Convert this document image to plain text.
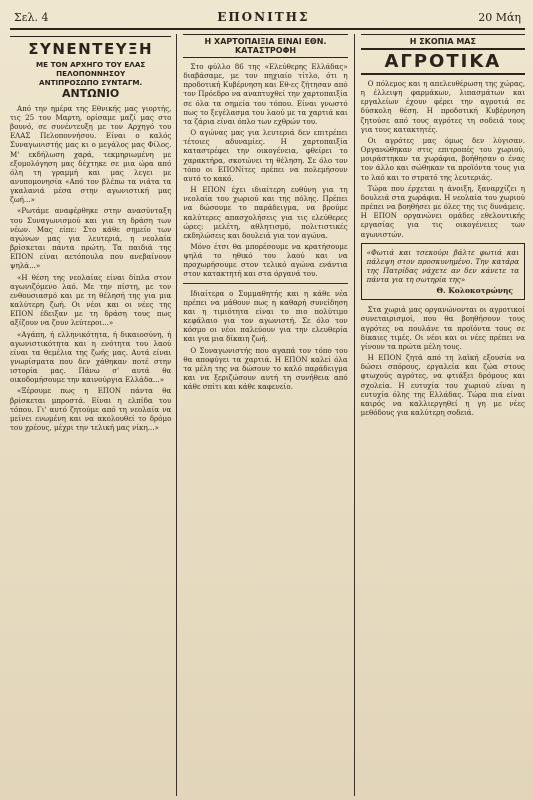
Σελ. 4	ΕΠΟΝΙΤΗΣ	20 Μάη
ΣΥΝΕΝΤΕΥΞΗ
ΜΕ ΤΟΝ ΑΡΧΗΓΟ ΤΟΥ ΕΛΑΣ ΠΕΛΟΠΟΝΝΗΣΟΥ
ΑΝΤΙΠΡΟΣΩΠΟ ΣΥΝΤΑΓΜ. ΑΝΤΩΝΙΟ

Από την ημέρα της Εθνικής μας γιορτής, τις 25 του Μαρτη, ορίσαμε μαζί μας στο βουνό, σε συνέντευξη με τον Αρχηγό του ΕΛΑΣ Πελοποννήσου. Είναι ο καλός Συναγωνιστής μας κι ο μεγάλος μας Φίλος. Μ' εκδήλωση χαρά, τεκμηριωμένη με εξομολόγηση μας δέχτηκε σε μια ώρα από όλη τη γραμμή και μας λεγει με ανυπομονησία «Από τον βλέπω τα νιάτα τα γκαλανιά μέσα στην αγωνιστική μας ζωή...»

«Ρωτάμε αναφέρθηκε στην ανασύνταξη του Συναγωνισμού και για τη δράση των νέων. Μας είπε: Στο κάθε σημείο των αγώνων μας για λευτεριά, η νεολαία βρίσκεται πάντα πρώτη. Τα παιδιά της ΕΠΟΝ είναι αετόπουλα που ανεβαίνουν ψηλά...»

«Η θέση της νεολαίας είναι δίπλα στον αγωνιζόμενο λαό. Με την πίστη, με τον ενθουσιασμό και με τη θέλησή της για μια καλύτερη ζωή. Οι νέοι και οι νέες της ΕΠΟΝ έδειξαν με τη δράση τους πως αξίζουν να ζουν λεύτεροι...»

«Αγάπη, ή ελληνικότητα, ή δικαιοσύνη, ή αγωνιστικότητα και η ενότητα του λαού είναι τα θεμέλια της ζωής μας. Αυτά είναι γνωρίσματα που δεν χάθηκαν ποτέ στην ιστορία μας. Πάνω σ' αυτά θα οικοδομήσουμε την καινούργια Ελλάδα...»

«Ξέρουμε πως η ΕΠΟΝ πάντα θα βρίσκεται μπροστά. Είναι η ελπίδα του τόπου. Γι' αυτό ζητούμε από τη νεολαία να μείνει ενωμένη και να ακολουθεί το δρόμο του χρέους, μέχρι την τελική μας νίκη...»

Η ΧΑΡΤΟΠΑΙΞΙΑ ΕΙΝΑΙ ΕΘΝ. ΚΑΤΑΣΤΡΟΦΗ

Στο φύλλο 86 της «Ελεύθερης Ελλάδας» διαβάσαμε, με τον πηχιαίο τίτλο, ότι η προδοτική Κυβέρνηση και Εθ-ες ζήτησαν από τον Πρόεδρο να αναπτυχθεί την χαρτοπαιξία σε όλα τα σημεία του τόπου. Είναι γνωστό πως το ξεγέλασμα του λαού με τα χαρτιά και τα ζάρια είναι όπλο των εχθρών του.

Ο αγώνας μας για λευτεριά δεν επιτρέπει τέτοιες αδυναμίες. Η χαρτοπαιξία καταστρέφει την οικογένεια, φθείρει το χαρακτήρα, σκοτώνει τη θέληση. Σε όλο τον τόπο οι ΕΠΟΝίτες πρέπει να πολεμήσουν αυτό το κακό.

Η ΕΠΟΝ έχει ιδιαίτερη ευθύνη για τη νεολαία του χωριού και της πόλης. Πρέπει να δώσουμε το παράδειγμα, να βρούμε καλύτερες απασχολήσεις για τις ελεύθερες ώρες: μελέτη, αθλητισμό, πολιτιστικές εκδηλώσεις και δουλειά για τον αγώνα.

Μόνο έτσι θα μπορέσουμε να κρατήσουμε ψηλά το ηθικό του λαού και να προχωρήσουμε στον τελικό αγώνα ενάντια στον κατακτητή και στα όργανά του.

Ιδιαίτερα ο Συμμαθητής και η κάθε νέα πρέπει να μάθουν πως η καθαρή συνείδηση και η τιμιότητα είναι το πιο πολύτιμο κεφάλαιο για τον αγωνιστή. Σε όλο τον κόσμο οι νέοι παλεύουν για την ελευθερία και για μια δίκαιη ζωή.

Ο Συναγωνιστής που αγαπά τον τόπο του θα αποφύγει τα χαρτιά. Η ΕΠΟΝ καλεί όλα τα μέλη της να δώσουν το καλό παράδειγμα και να ξεριζώσουν αυτή τη συνήθεια από κάθε σπίτι και κάθε καφενείο.

Η ΣΚΟΠΙΑ ΜΑΣ
ΑΓΡΟΤΙΚΑ

Ο πόλεμος και η απελευθέρωση της χώρας, η έλλειψη φαρμάκων, λιπασμάτων και εργαλείων έχουν φέρει την αγροτιά σε δύσκολη θέση. Η προδοτική Κυβέρνηση ζητούσε από τους αγρότες τη σοδειά τους για τους κατακτητές.

Οι αγρότες μας όμως δεν λύγισαν. Οργανώθηκαν στις επιτροπές του χωριού, μοιράστηκαν τα χωράφια, βοήθησαν ο ένας τον άλλο και σώθηκαν τα προϊόντα τους για το λαό και το στρατό της λευτεριάς.

Τώρα που έρχεται η άνοιξη, ξαναρχίζει η δουλειά στα χωράφια. Η νεολαία του χωριού πρέπει να βοηθήσει με όλες της τις δυνάμεις. Η ΕΠΟΝ οργανώνει ομάδες εθελοντικής εργασίας για τις οικογένειες των αγωνιστών.

«Φωτιά και τσεκούρι βάλτε φωτιά και πάλεψη στον προσκυνημένο. Την κατάρα της Πατρίδας νάχετε αν δεν κάνετε τα πάντα για τη σωτηρία της»

Θ. Κολοκοτρώνης

Στα χωριά μας οργανώνονται οι αγροτικοί συνεταιρισμοί, που θα βοηθήσουν τους αγρότες να πουλάνε τα προϊόντα τους σε δίκαιες τιμές. Οι νέοι και οι νέες πρέπει να γίνουν τα πρώτα μέλη τους.

Η ΕΠΟΝ ζητά από τη λαϊκή εξουσία να δώσει σπόρους, εργαλεία και ζώα στους φτωχούς αγρότες, να φτιάξει δρόμους και σχολεία. Η ευτυχία του χωριού είναι η ευτυχία όλης της Ελλάδας. Τώρα πια είναι καιρός να καλλιεργηθεί η γη με νέες μεθόδους για καλύτερη σοδειά.
